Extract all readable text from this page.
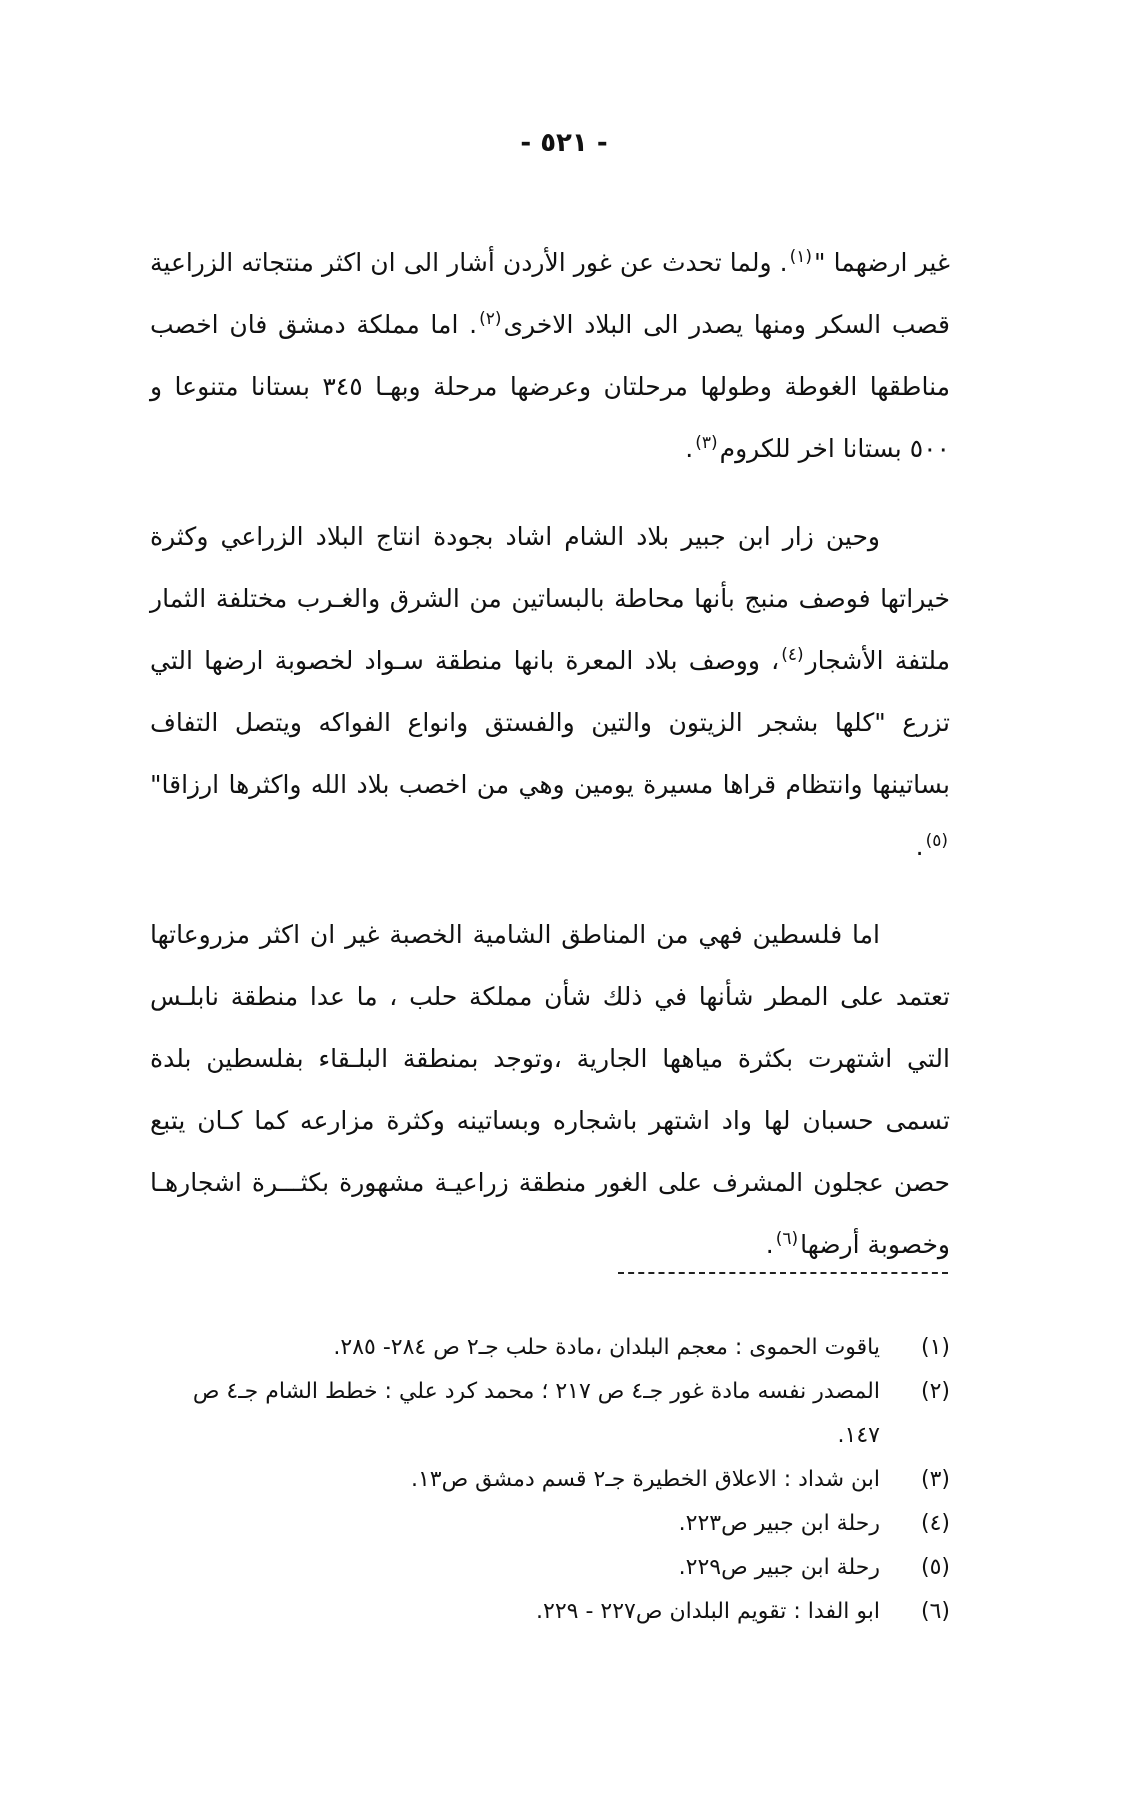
- ٥٢١ -

غير ارضهما "$^{(١)}$. ولما تحدث عن غور الأردن أشار الى ان اكثر منتجاته الزراعية قصب السكر ومنها يصدر الى البلاد الاخرى$^{(٢)}$. اما مملكة دمشق فان اخصب مناطقها الغوطة وطولها مرحلتان وعرضها مرحلة وبهـا ٣٤٥ بستانا متنوعا و ٥٠٠ بستانا اخر للكروم$^{(٣)}$.

وحين زار ابن جبير بلاد الشام اشاد بجودة انتاج البلاد الزراعي وكثرة خيراتها فوصف منبج بأنها محاطة بالبساتين من الشرق والغـرب مختلفة الثمار ملتفة الأشجار$^{(٤)}$، ووصف بلاد المعرة بانها منطقة سـواد لخصوبة ارضها التي تزرع "كلها بشجر الزيتون والتين والفستق وانواع الفواكه ويتصل التفاف بساتينها وانتظام قراها مسيرة يومين وهي من اخصب بلاد الله واكثرها ارزاقا"$^{(٥)}$.

اما فلسطين فهي من المناطق الشامية الخصبة غير ان اكثر مزروعاتها تعتمد على المطر شأنها في ذلك شأن مملكة حلب ، ما عدا منطقة نابلـس التي اشتهرت بكثرة مياهها الجارية ،وتوجد بمنطقة البلـقاء بفلسطين بلدة تسمى حسبان لها واد اشتهر باشجاره وبساتينه وكثرة مزارعه كما كـان يتبع حصن عجلون المشرف على الغور منطقة زراعيـة مشهورة بكثـــرة اشجارهـا وخصوبة أرضها$^{(٦)}$.

(١)
ياقوت الحموى : معجم البلدان ،مادة حلب جـ٢ ص ٢٨٤- ٢٨٥.
(٢)
المصدر نفسه مادة غور جـ٤ ص ٢١٧ ؛ محمد كرد علي : خطط الشام جـ٤ ص ١٤٧.
(٣)
ابن شداد : الاعلاق الخطيرة جـ٢ قسم دمشق ص١٣.
(٤)
رحلة ابن جبير ص٢٢٣.
(٥)
رحلة ابن جبير ص٢٢٩.
(٦)
ابو الفدا : تقويم البلدان ص٢٢٧ - ٢٢٩.
